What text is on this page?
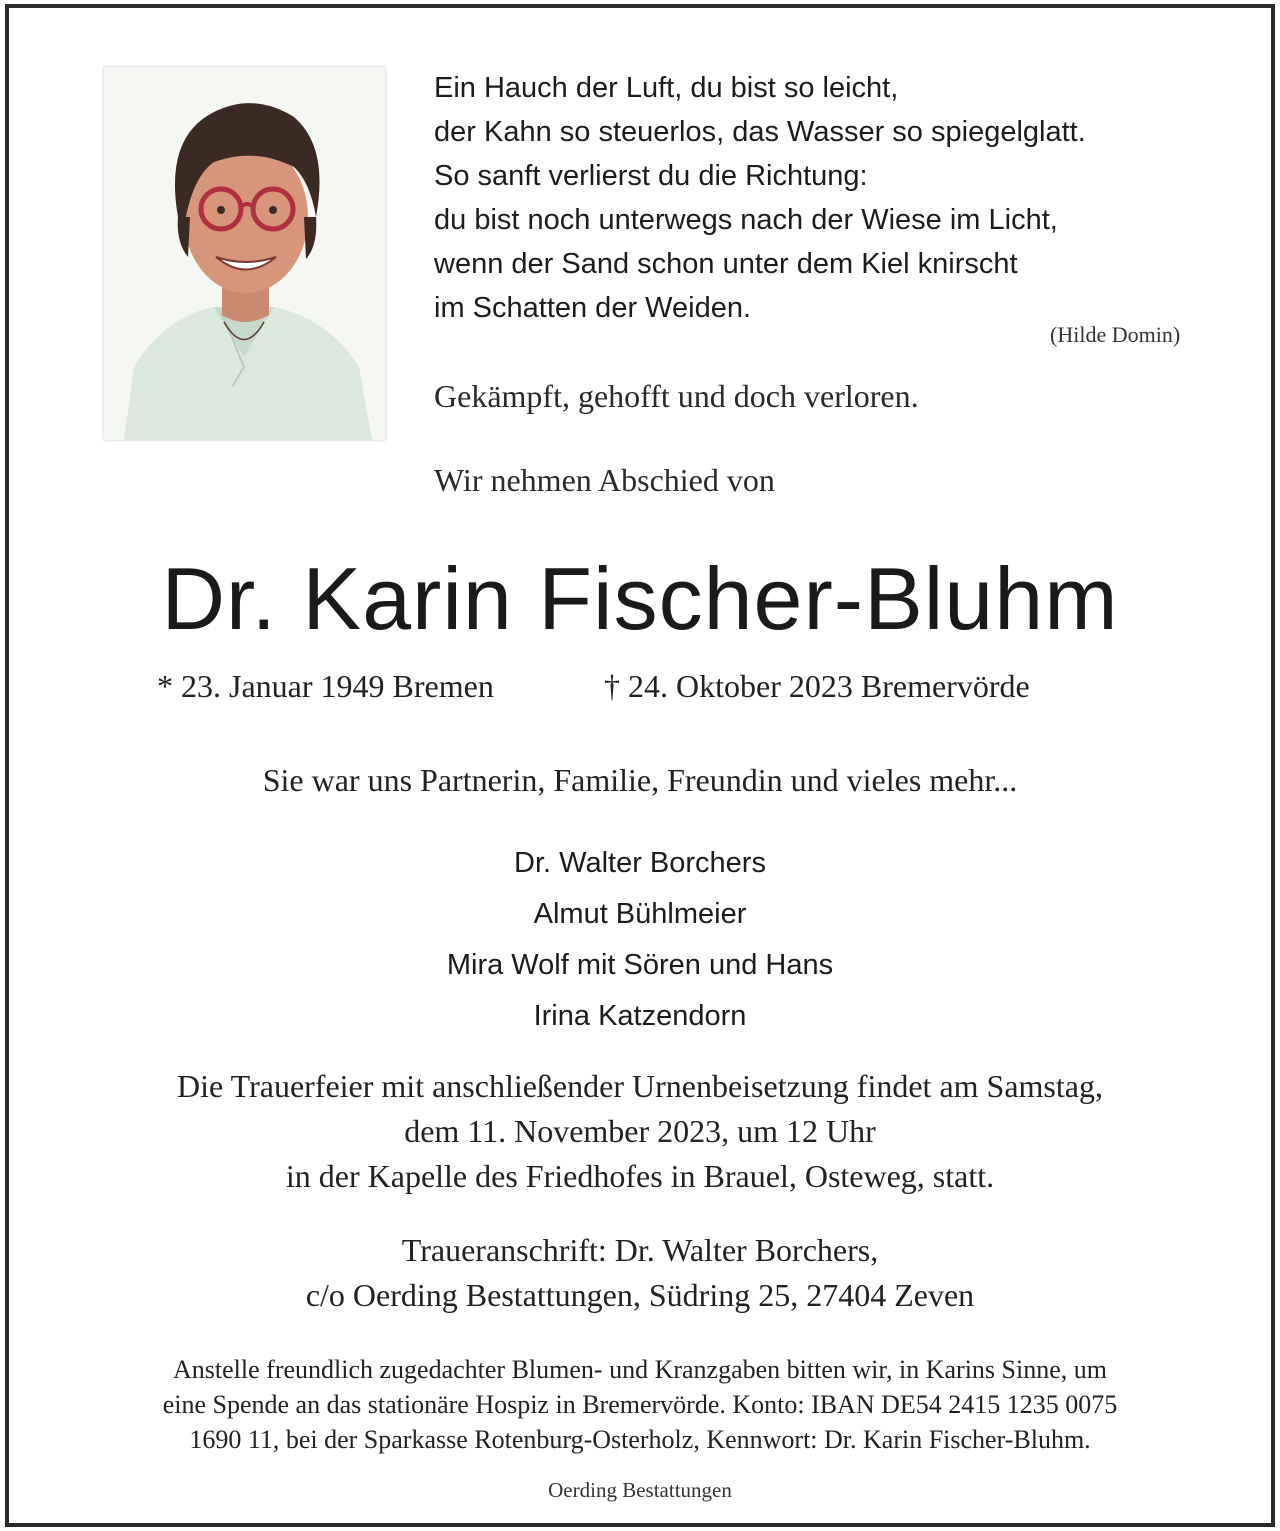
Ein Hauch der Luft, du bist so leicht,
der Kahn so steuerlos, das Wasser so spiegelglatt.
So sanft verlierst du die Richtung:
du bist noch unterwegs nach der Wiese im Licht,
wenn der Sand schon unter dem Kiel knirscht
im Schatten der Weiden.
(Hilde Domin)
Gekämpft, gehofft und doch verloren.
Wir nehmen Abschied von
Dr. Karin Fischer-Bluhm
* 23. Januar 1949 Bremen	† 24. Oktober 2023 Bremervörde
Sie war uns Partnerin, Familie, Freundin und vieles mehr...
Dr. Walter Borchers
Almut Bühlmeier
Mira Wolf mit Sören und Hans
Irina Katzendorn
Die Trauerfeier mit anschließender Urnenbeisetzung findet am Samstag,
dem 11. November 2023, um 12 Uhr
in der Kapelle des Friedhofes in Brauel, Osteweg, statt.
Traueranschrift: Dr. Walter Borchers,
c/o Oerding Bestattungen, Südring 25, 27404 Zeven
Anstelle freundlich zugedachter Blumen- und Kranzgaben bitten wir, in Karins Sinne, um
eine Spende an das stationäre Hospiz in Bremervörde. Konto: IBAN DE54 2415 1235 0075
1690 11, bei der Sparkasse Rotenburg-Osterholz, Kennwort: Dr. Karin Fischer-Bluhm.
Oerding Bestattungen
